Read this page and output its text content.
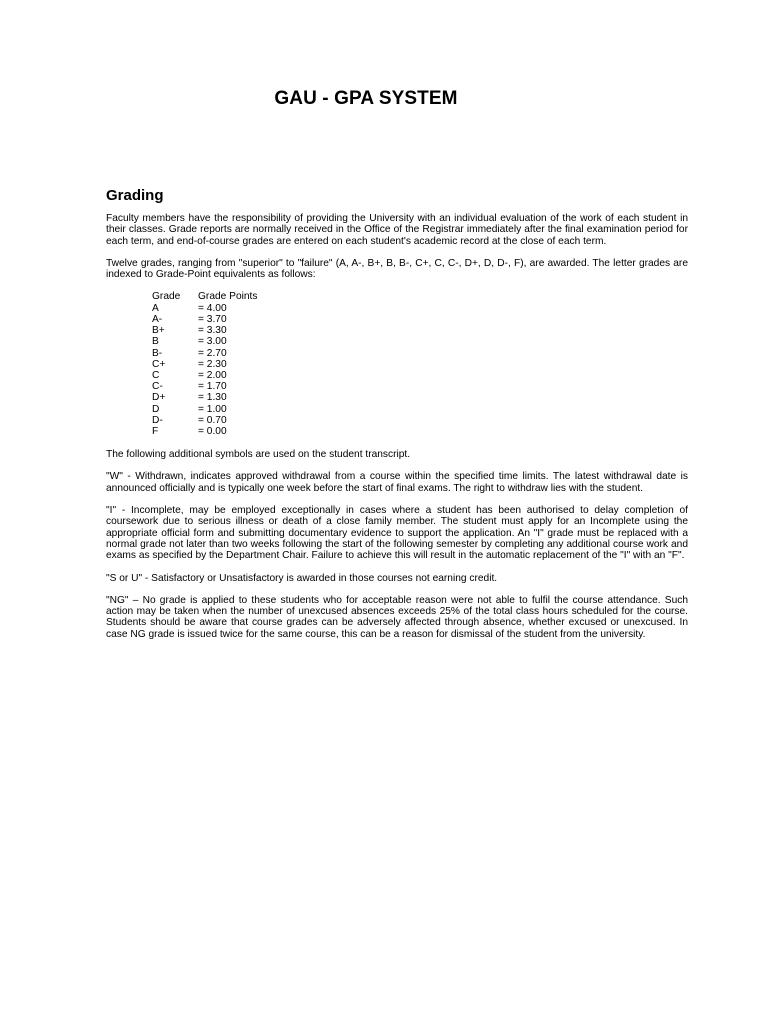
GAU - GPA SYSTEM
Grading

Faculty members have the responsibility of providing the University with an individual evaluation of the work of each student in their classes. Grade reports are normally received in the Office of the Registrar immediately after the final examination period for each term, and end-of-course grades are entered on each student's academic record at the close of each term.

Twelve grades, ranging from "superior" to "failure" (A, A-, B+, B, B-, C+, C, C-, D+, D, D-, F), are awarded. The letter grades are indexed to Grade-Point equivalents as follows:

Grade	Grade Points
A	= 4.00
A-	= 3.70
B+	= 3.30
B	= 3.00
B-	= 2.70
C+	= 2.30
C	= 2.00
C-	= 1.70
D+	= 1.30
D	= 1.00
D-	= 0.70
F	= 0.00

The following additional symbols are used on the student transcript.

"W" - Withdrawn, indicates approved withdrawal from a course within the specified time limits. The latest withdrawal date is announced officially and is typically one week before the start of final exams. The right to withdraw lies with the student.

"I" - Incomplete, may be employed exceptionally in cases where a student has been authorised to delay completion of coursework due to serious illness or death of a close family member. The student must apply for an Incomplete using the appropriate official form and submitting documentary evidence to support the application. An "I" grade must be replaced with a normal grade not later than two weeks following the start of the following semester by completing any additional course work and exams as specified by the Department Chair. Failure to achieve this will result in the automatic replacement of the "I" with an "F".

"S or U" - Satisfactory or Unsatisfactory is awarded in those courses not earning credit.

"NG" – No grade is applied to these students who for acceptable reason were not able to fulfil the course attendance. Such action may be taken when the number of unexcused absences exceeds 25% of the total class hours scheduled for the course. Students should be aware that course grades can be adversely affected through absence, whether excused or unexcused. In case NG grade is issued twice for the same course, this can be a reason for dismissal of the student from the university.
